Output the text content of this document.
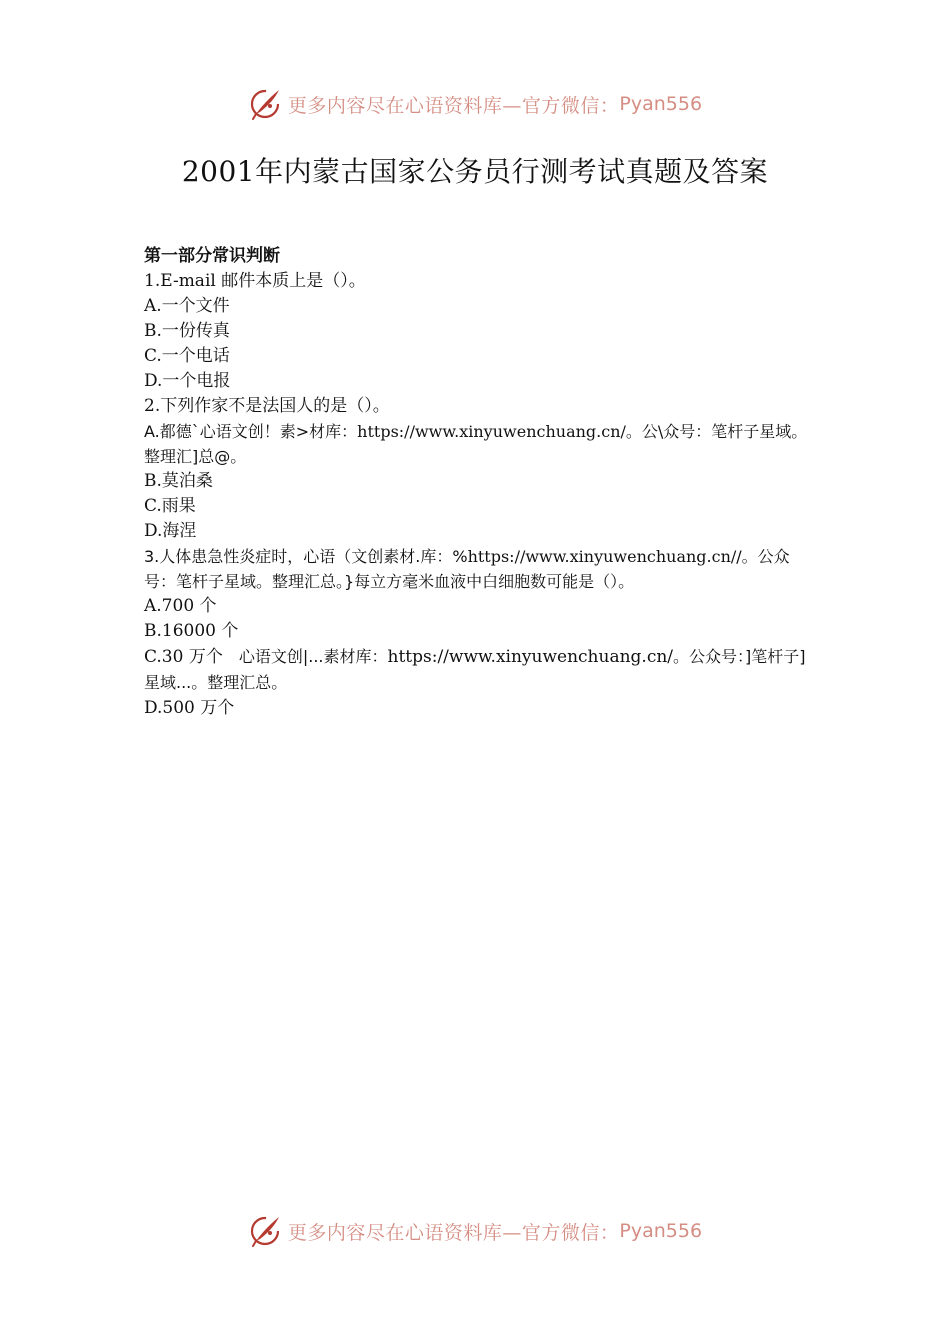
更多内容尽在心语资料库—官方微信： Pyan556
2001年内蒙古国家公务员行测考试真题及答案

第一部分常识判断

1.E-mail 邮件本质上是（）。

A.一个文件

B.一份传真

C.一个电话

D.一个电报

2.下列作家不是法国人的是（）。

A.都德`心语文创！素>材库：https://www.xinyuwenchuang.cn/。公\众号：笔杆子星域。整理汇]总@。

B.莫泊桑

C.雨果

D.海涅

3.人体患急性炎症时，心语（文创素材.库：%https://www.xinyuwenchuang.cn//。公众号：笔杆子星域。整理汇总。}每立方毫米血液中白细胞数可能是（）。

A.700 个

B.16000 个

C.30 万个　心语文创|...素材库：https://www.xinyuwenchuang.cn/。公众号：]笔杆子]星域...。整理汇总。

D.500 万个

更多内容尽在心语资料库—官方微信： Pyan556
